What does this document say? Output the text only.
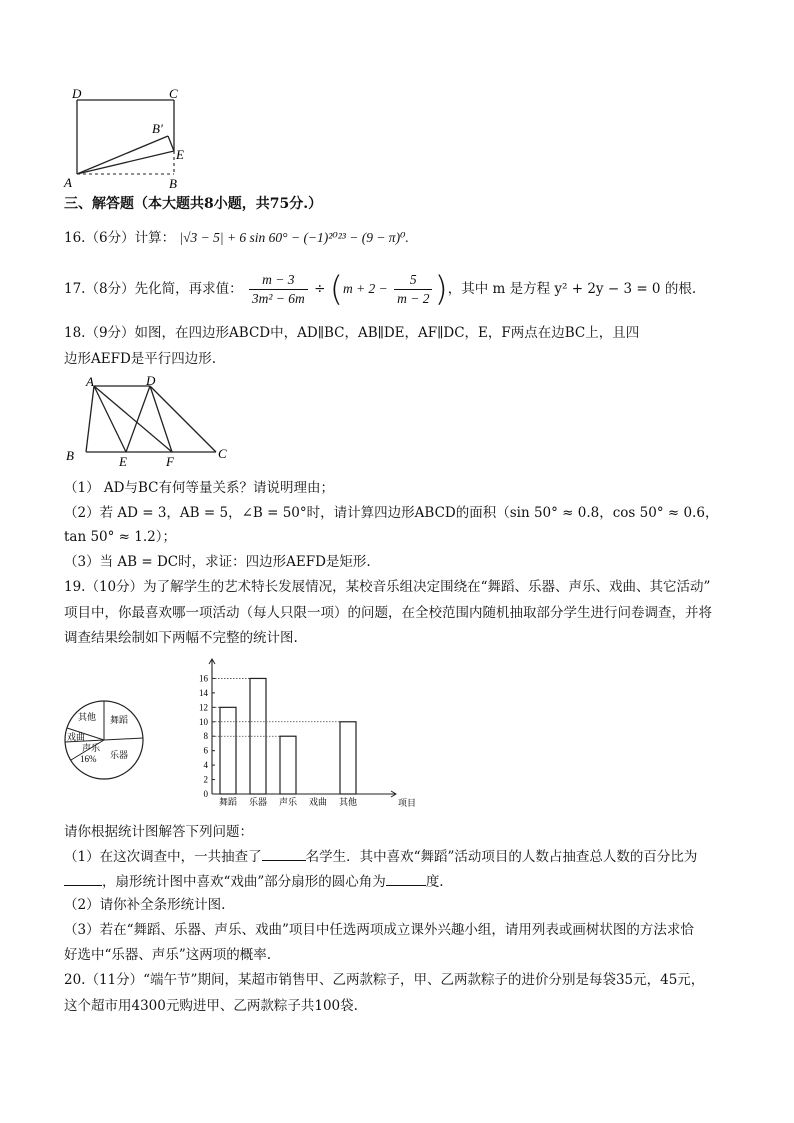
D	C
B′
E
A	B
三、解答题（本大题共8小题，共75分.）
16.（6分）计算： |√3 − 5| + 6 sin 60° − (−1)²⁰²³ − (9 − π)⁰.
17.（8分）先化简，再求值： $\frac{m - 3}{\text{3m² − 6m}} \div (m + 2 - \frac{5}{m - 2}$ )，其中 m 是方程 y² + 2y − 3 = 0 的根.
18.（9分）如图，在四边形ABCD中，AD∥BC，AB∥DE，AF∥DC，E，F两点在边BC上，且四
边形AEFD是平行四边形.
A	D
B	E	F
C
（1） AD与BC有何等量关系？请说明理由；
（2）若 AD = 3，AB = 5，∠B = 50°时，请计算四边形ABCD的面积（sin 50° ≈ 0.8，cos 50° ≈ 0.6，
tan 50° ≈ 1.2）；
（3）当 AB = DC时，求证：四边形AEFD是矩形.
19.（10分）为了解学生的艺术特长发展情况，某校音乐组决定围绕在“舞蹈、乐器、声乐、戏曲、其它活动”
项目中，你最喜欢哪一项活动（每人只限一项）的问题，在全校范围内随机抽取部分学生进行问卷调查，并将
调查结果绘制如下两幅不完整的统计图.
其他 舞蹈
戏曲
声乐
16% 乐器
0
2
4
6
8
10
12
14
16
舞蹈 乐器 声乐 戏曲 其他	项目
请你根据统计图解答下列问题：
（1）在这次调查中，一共抽查了	名学生．其中喜欢“舞蹈”活动项目的人数占抽查总人数的百分比为
，扇形统计图中喜欢“戏曲”部分扇形的圆心角为	度.
（2）请你补全条形统计图.
（3）若在“舞蹈、乐器、声乐、戏曲”项目中任选两项成立课外兴趣小组，请用列表或画树状图的方法求恰
好选中“乐器、声乐”这两项的概率.
20.（11分）“端午节”期间，某超市销售甲、乙两款粽子，甲、乙两款粽子的进价分别是每袋35元，45元，
这个超市用4300元购进甲、乙两款粽子共100袋.
